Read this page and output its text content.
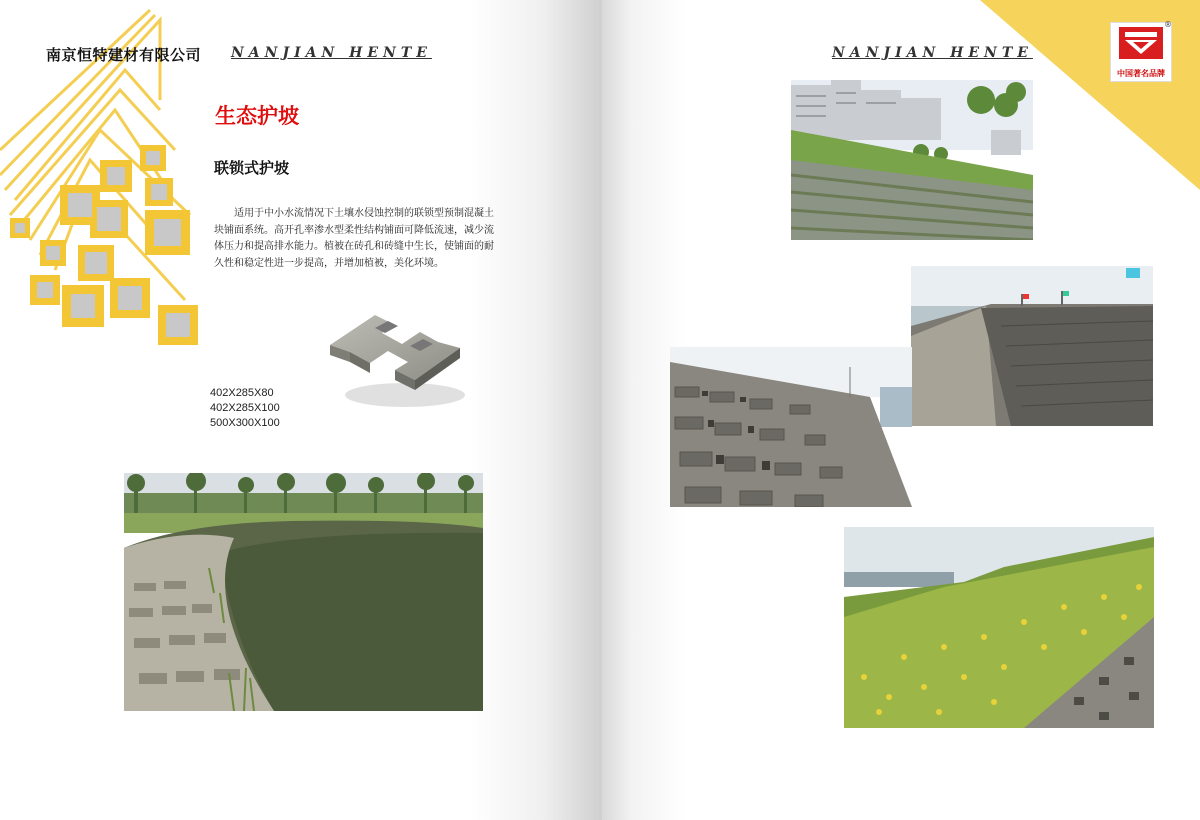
南京恒特建材有限公司 NANJIAN HENTE
生态护坡
联锁式护坡

适用于中小水流情况下土壤水侵蚀控制的联锁型预制混凝土块铺面系统。高开孔率渗水型柔性结构铺面可降低流速，减少流体压力和提高排水能力。植被在砖孔和砖缝中生长，使铺面的耐久性和稳定性进一步提高，并增加植被，美化环境。

402X285X80
402X285X100
500X300X100
NANJIAN HENTE
®
中国著名品牌
